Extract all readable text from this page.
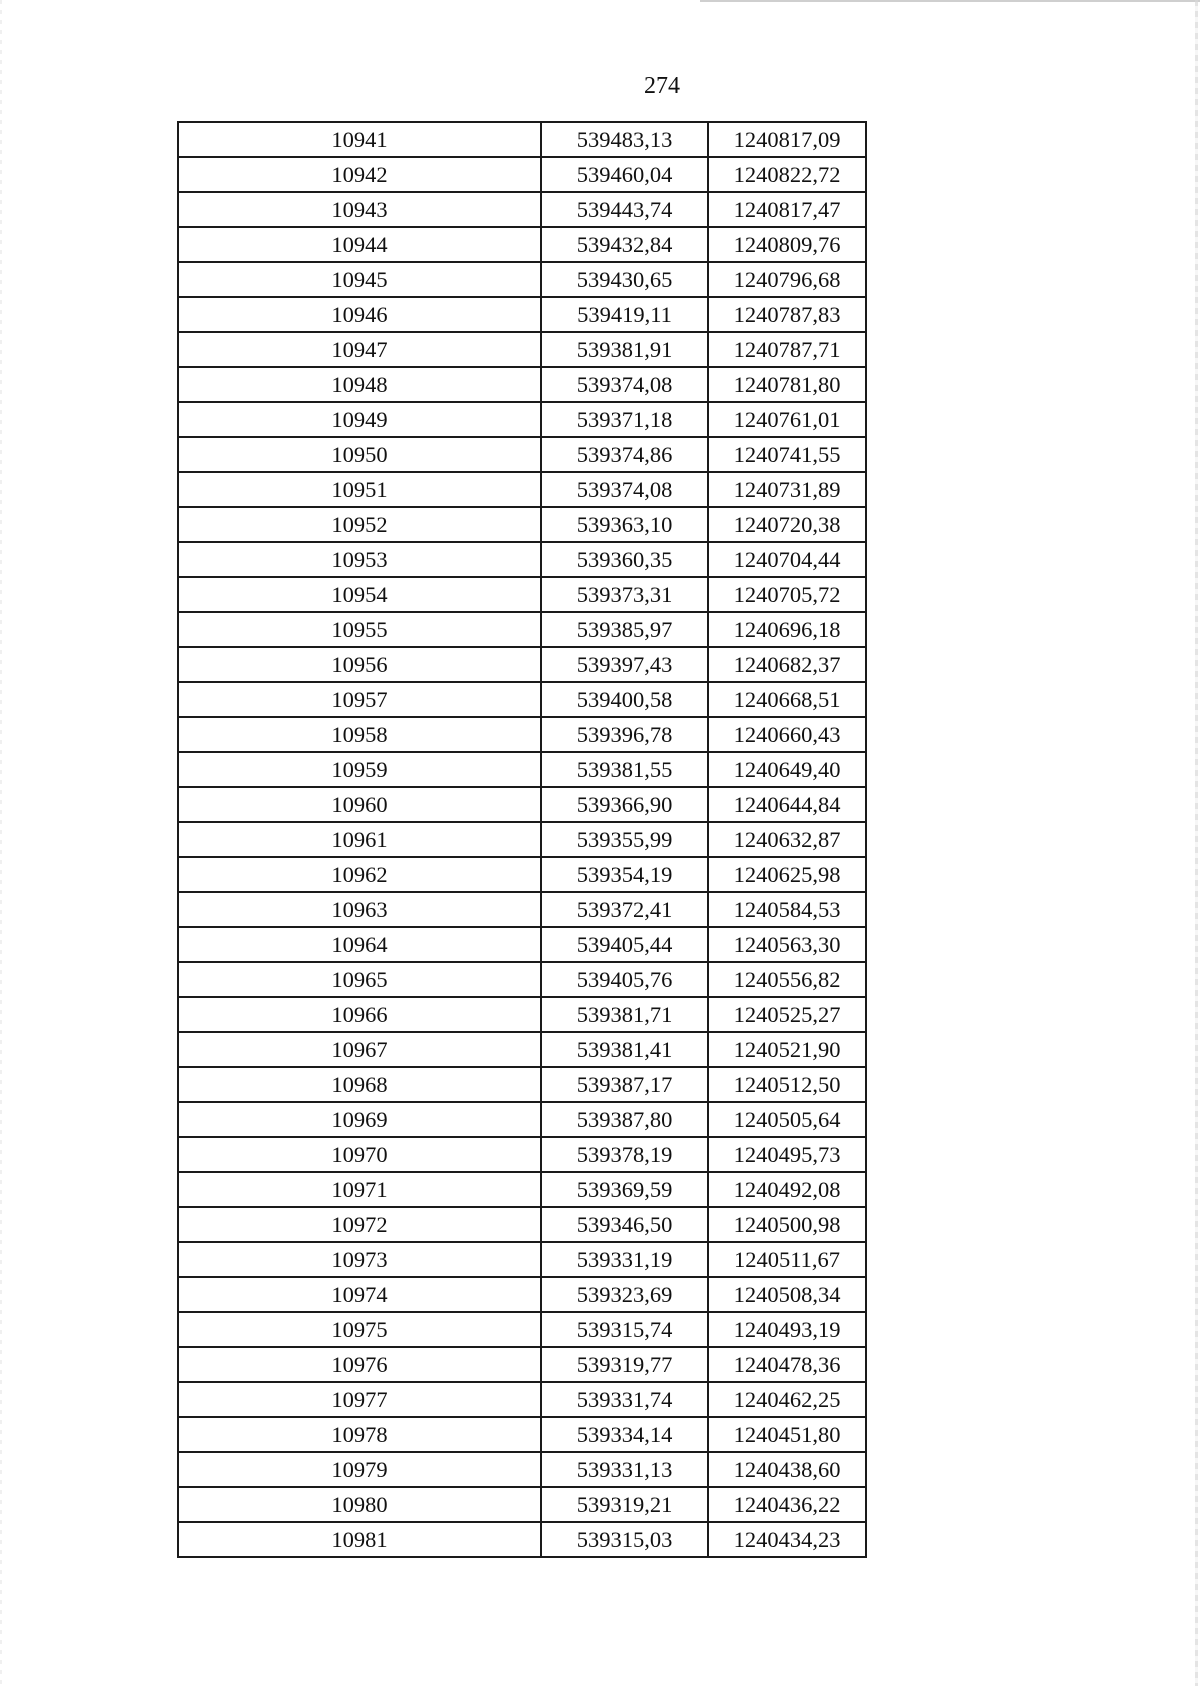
274
10941	539483,13	1240817,09
10942	539460,04	1240822,72
10943	539443,74	1240817,47
10944	539432,84	1240809,76
10945	539430,65	1240796,68
10946	539419,11	1240787,83
10947	539381,91	1240787,71
10948	539374,08	1240781,80
10949	539371,18	1240761,01
10950	539374,86	1240741,55
10951	539374,08	1240731,89
10952	539363,10	1240720,38
10953	539360,35	1240704,44
10954	539373,31	1240705,72
10955	539385,97	1240696,18
10956	539397,43	1240682,37
10957	539400,58	1240668,51
10958	539396,78	1240660,43
10959	539381,55	1240649,40
10960	539366,90	1240644,84
10961	539355,99	1240632,87
10962	539354,19	1240625,98
10963	539372,41	1240584,53
10964	539405,44	1240563,30
10965	539405,76	1240556,82
10966	539381,71	1240525,27
10967	539381,41	1240521,90
10968	539387,17	1240512,50
10969	539387,80	1240505,64
10970	539378,19	1240495,73
10971	539369,59	1240492,08
10972	539346,50	1240500,98
10973	539331,19	1240511,67
10974	539323,69	1240508,34
10975	539315,74	1240493,19
10976	539319,77	1240478,36
10977	539331,74	1240462,25
10978	539334,14	1240451,80
10979	539331,13	1240438,60
10980	539319,21	1240436,22
10981	539315,03	1240434,23
